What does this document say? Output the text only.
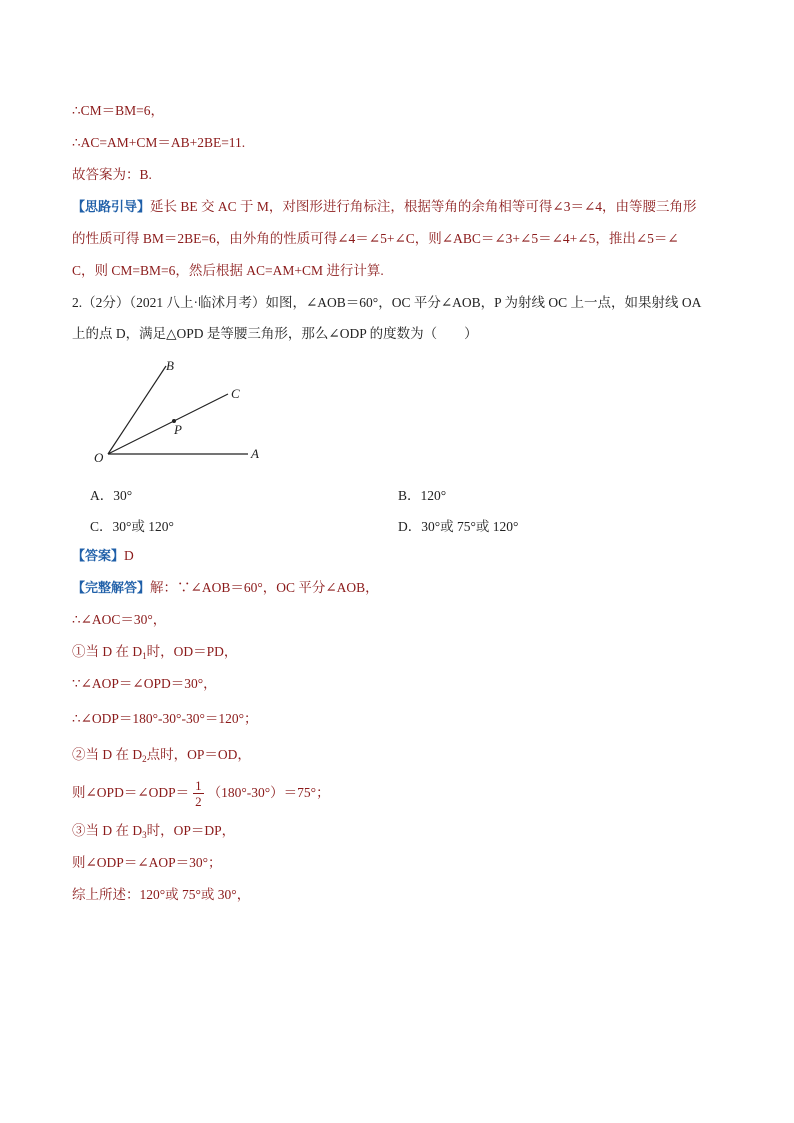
∴CM＝BM=6，
∴AC=AM+CM＝AB+2BE=11.
故答案为：B.
【思路引导】延长 BE 交 AC 于 M，对图形进行角标注，根据等角的余角相等可得∠3＝∠4，由等腰三角形
的性质可得 BM＝2BE=6，由外角的性质可得∠4＝∠5+∠C，则∠ABC＝∠3+∠5＝∠4+∠5，推出∠5＝∠
C，则 CM=BM=6，然后根据 AC=AM+CM 进行计算.
2.（2分）（2021 八上·临沭月考）如图，∠AOB＝60°，OC 平分∠AOB，P 为射线 OC 上一点，如果射线 OA
上的点 D，满足△OPD 是等腰三角形，那么∠ODP 的度数为（　　）
B
C
P
O	A
A．30°	B．120°
C．30°或 120°	D．30°或 75°或 120°
【答案】D
【完整解答】解：∵∠AOB＝60°，OC 平分∠AOB，
∴∠AOC＝30°，
①当 D 在 $D_1$时，OD＝PD，
∵∠AOP＝∠OPD＝30°，
∴∠ODP＝180°-30°-30°＝120°；
②当 D 在 $D_2$点时，OP＝OD，
则∠OPD＝∠ODP＝ $\frac{1}{2} (180^\circ-30^\circ)=75^\circ$；
③当 D 在 $D_3$时，OP＝DP，
则∠ODP＝∠AOP＝30°；
综上所述：120°或 75°或 30°，
